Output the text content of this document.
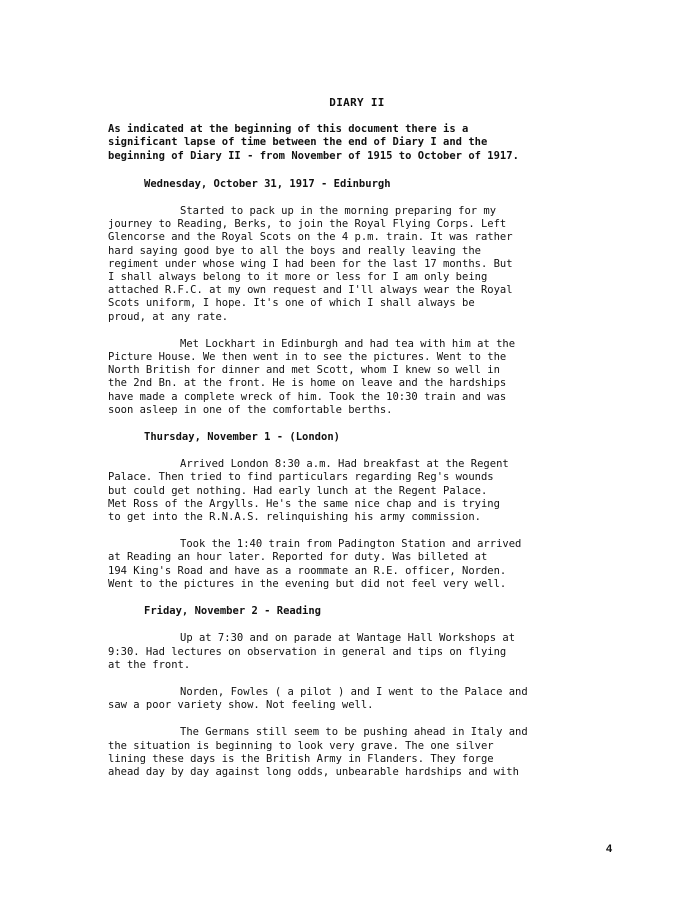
DIARY II
As indicated at the beginning of this document there is a
significant lapse of time between the end of Diary I and the
beginning of Diary II - from November of 1915 to October of 1917.
Wednesday, October 31, 1917 - Edinburgh
Started to pack up in the morning preparing for my
journey to Reading, Berks, to join the Royal Flying Corps. Left
Glencorse and the Royal Scots on the 4 p.m. train. It was rather
hard saying good bye to all the boys and really leaving the
regiment under whose wing I had been for the last 17 months. But
I shall always belong to it more or less for I am only being
attached R.F.C. at my own request and I'll always wear the Royal
Scots uniform, I hope. It's one of which I shall always be
proud, at any rate.
Met Lockhart in Edinburgh and had tea with him at the
Picture House. We then went in to see the pictures. Went to the
North British for dinner and met Scott, whom I knew so well in
the 2nd Bn. at the front. He is home on leave and the hardships
have made a complete wreck of him. Took the 10:30 train and was
soon asleep in one of the comfortable berths.
Thursday, November 1 - (London)
Arrived London 8:30 a.m. Had breakfast at the Regent
Palace. Then tried to find particulars regarding Reg's wounds
but could get nothing. Had early lunch at the Regent Palace.
Met Ross of the Argylls. He's the same nice chap and is trying
to get into the R.N.A.S. relinquishing his army commission.
Took the 1:40 train from Padington Station and arrived
at Reading an hour later. Reported for duty. Was billeted at
194 King's Road and have as a roommate an R.E. officer, Norden.
Went to the pictures in the evening but did not feel very well.
Friday, November 2 - Reading
Up at 7:30 and on parade at Wantage Hall Workshops at
9:30. Had lectures on observation in general and tips on flying
at the front.
Norden, Fowles ( a pilot ) and I went to the Palace and
saw a poor variety show. Not feeling well.
The Germans still seem to be pushing ahead in Italy and
the situation is beginning to look very grave. The one silver
lining these days is the British Army in Flanders. They forge
ahead day by day against long odds, unbearable hardships and with
4
